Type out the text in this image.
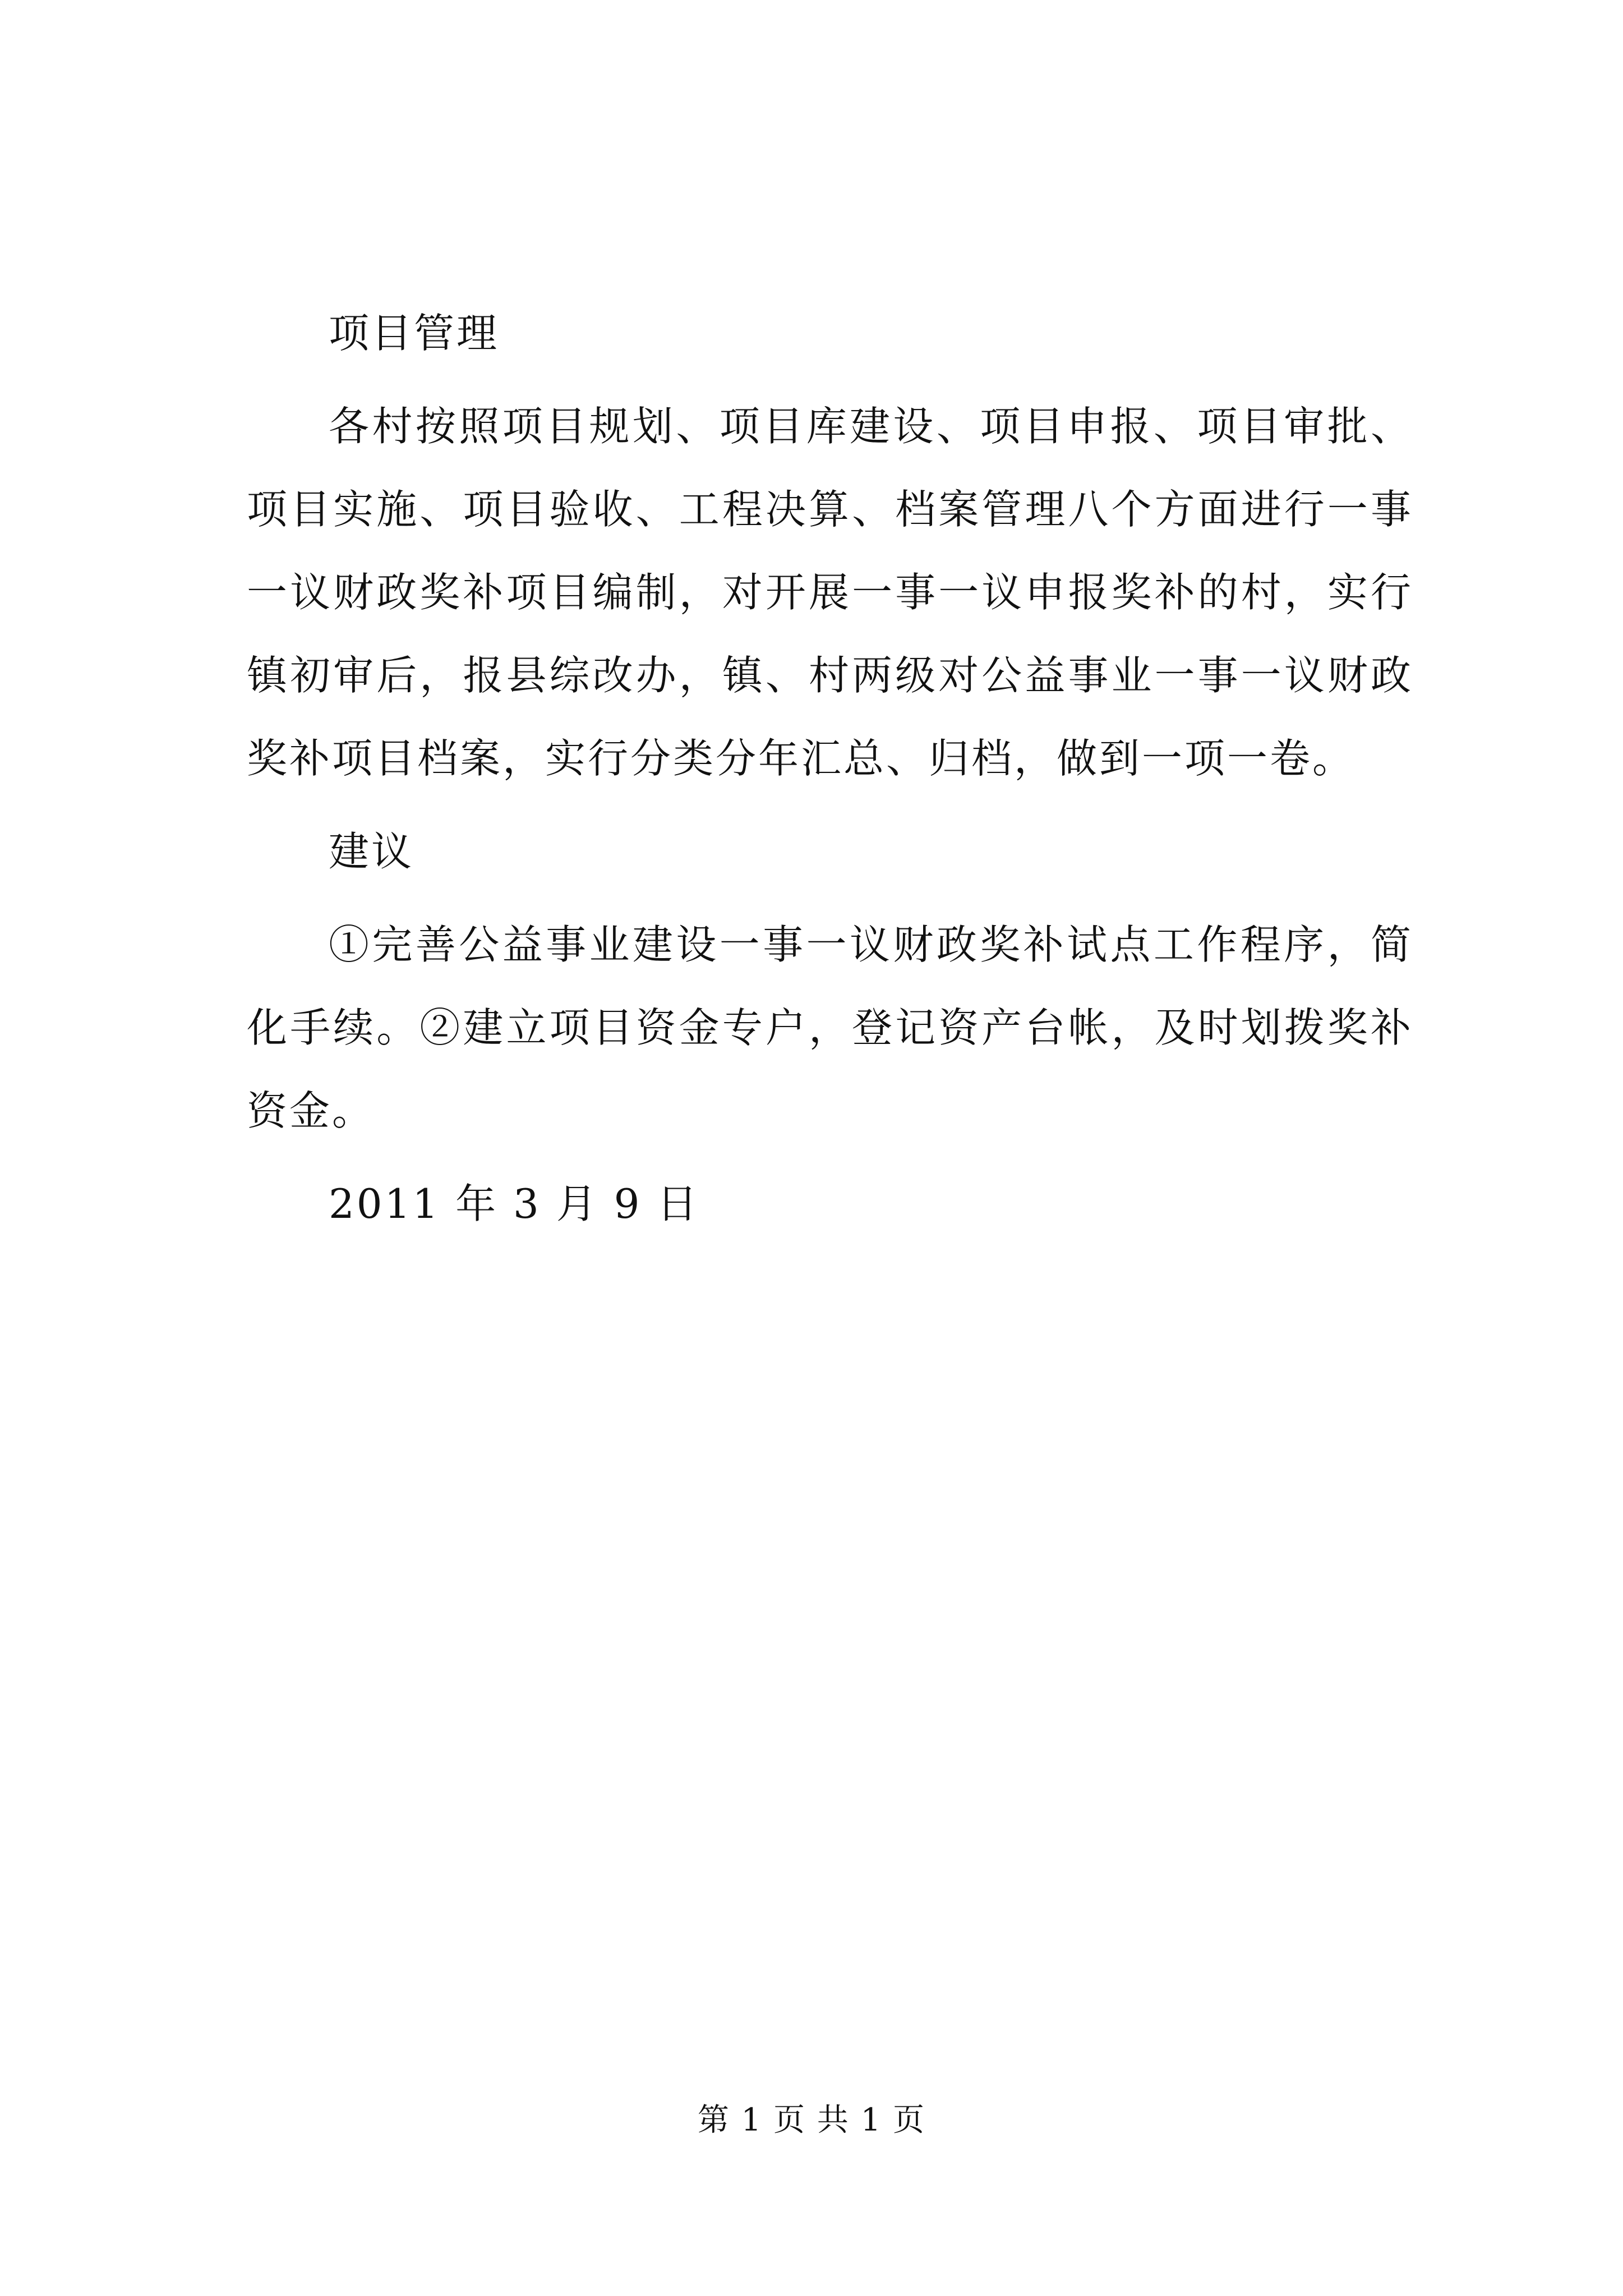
项目管理

各村按照项目规划、项目库建设、项目申报、项目审批、项目实施、项目验收、工程决算、档案管理八个方面进行一事一议财政奖补项目编制，对开展一事一议申报奖补的村，实行镇初审后，报县综改办，镇、村两级对公益事业一事一议财政奖补项目档案，实行分类分年汇总、归档，做到一项一卷。

建议

①完善公益事业建设一事一议财政奖补试点工作程序，简化手续。②建立项目资金专户，登记资产台帐，及时划拨奖补资金。

2011 年 3 月 9 日

第 1 页 共 1 页
